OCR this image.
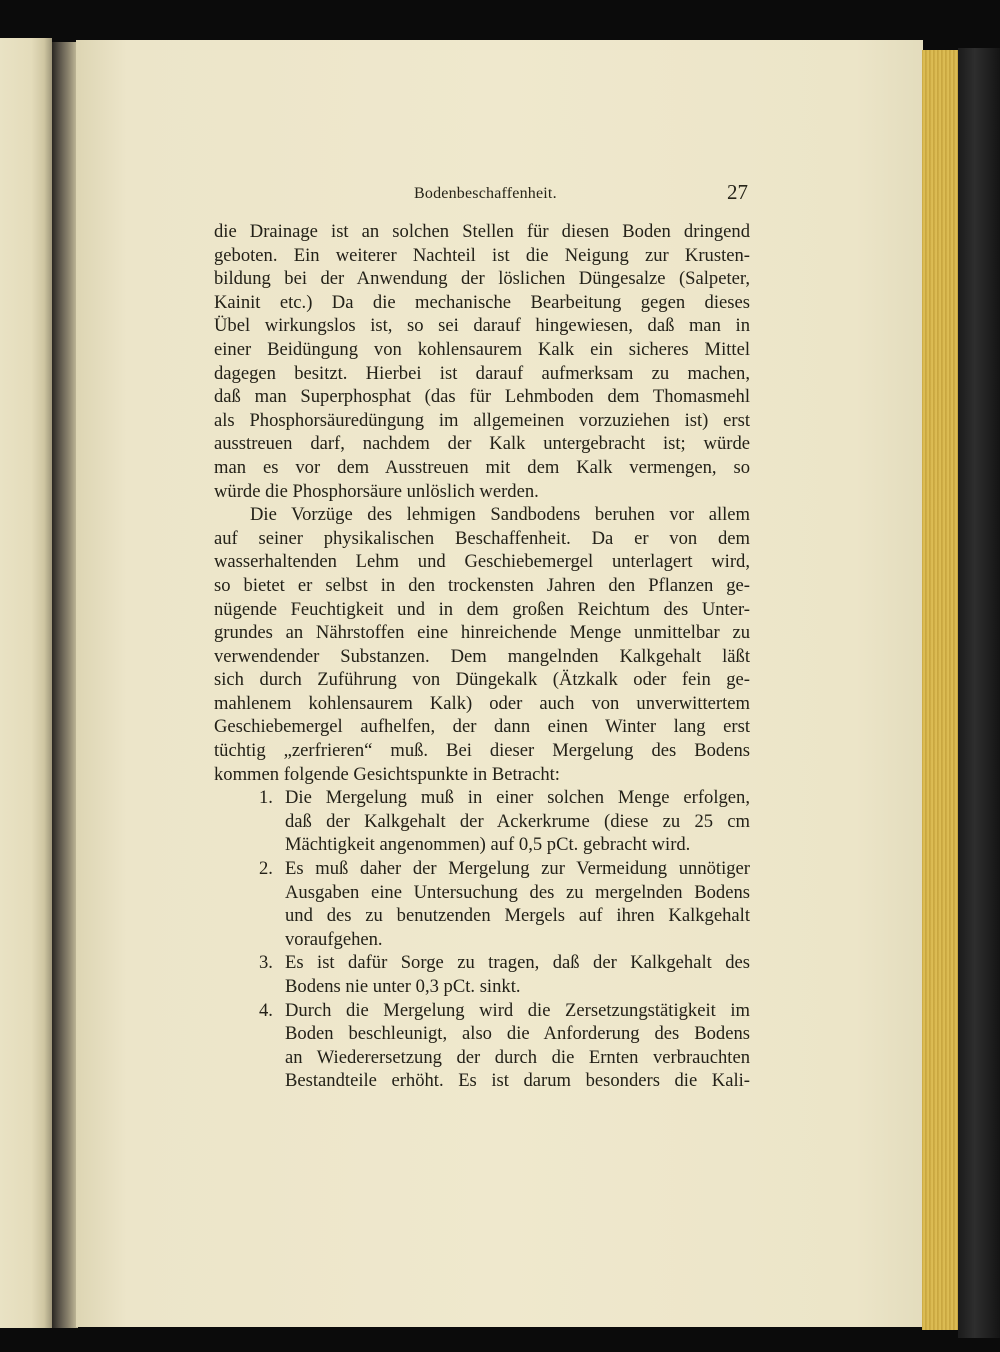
Bodenbeschaffenheit.	27

die Drainage ist an solchen Stellen für diesen Boden dringend
geboten. Ein weiterer Nachteil ist die Neigung zur Krusten-
bildung bei der Anwendung der löslichen Düngesalze (Salpeter,
Kainit etc.) Da die mechanische Bearbeitung gegen dieses
Übel wirkungslos ist, so sei darauf hingewiesen, daß man in
einer Beidüngung von kohlensaurem Kalk ein sicheres Mittel
dagegen besitzt. Hierbei ist darauf aufmerksam zu machen,
daß man Superphosphat (das für Lehmboden dem Thomasmehl
als Phosphorsäuredüngung im allgemeinen vorzuziehen ist) erst
ausstreuen darf, nachdem der Kalk untergebracht ist; würde
man es vor dem Ausstreuen mit dem Kalk vermengen, so
würde die Phosphorsäure unlöslich werden.

Die Vorzüge des lehmigen Sandbodens beruhen vor allem
auf seiner physikalischen Beschaffenheit. Da er von dem
wasserhaltenden Lehm und Geschiebemergel unterlagert wird,
so bietet er selbst in den trockensten Jahren den Pflanzen ge-
nügende Feuchtigkeit und in dem großen Reichtum des Unter-
grundes an Nährstoffen eine hinreichende Menge unmittelbar zu
verwendender Substanzen. Dem mangelnden Kalkgehalt läßt
sich durch Zuführung von Düngekalk (Ätzkalk oder fein ge-
mahlenem kohlensaurem Kalk) oder auch von unverwittertem
Geschiebemergel aufhelfen, der dann einen Winter lang erst
tüchtig „zerfrieren“ muß. Bei dieser Mergelung des Bodens
kommen folgende Gesichtspunkte in Betracht:

1. Die Mergelung muß in einer solchen Menge erfolgen,
daß der Kalkgehalt der Ackerkrume (diese zu 25 cm
Mächtigkeit angenommen) auf 0,5 pCt. gebracht wird.
2. Es muß daher der Mergelung zur Vermeidung unnötiger
Ausgaben eine Untersuchung des zu mergelnden Bodens
und des zu benutzenden Mergels auf ihren Kalkgehalt
voraufgehen.
3. Es ist dafür Sorge zu tragen, daß der Kalkgehalt des
Bodens nie unter 0,3 pCt. sinkt.
4. Durch die Mergelung wird die Zersetzungstätigkeit im
Boden beschleunigt, also die Anforderung des Bodens
an Wiederersetzung der durch die Ernten verbrauchten
Bestandteile erhöht. Es ist darum besonders die Kali-
